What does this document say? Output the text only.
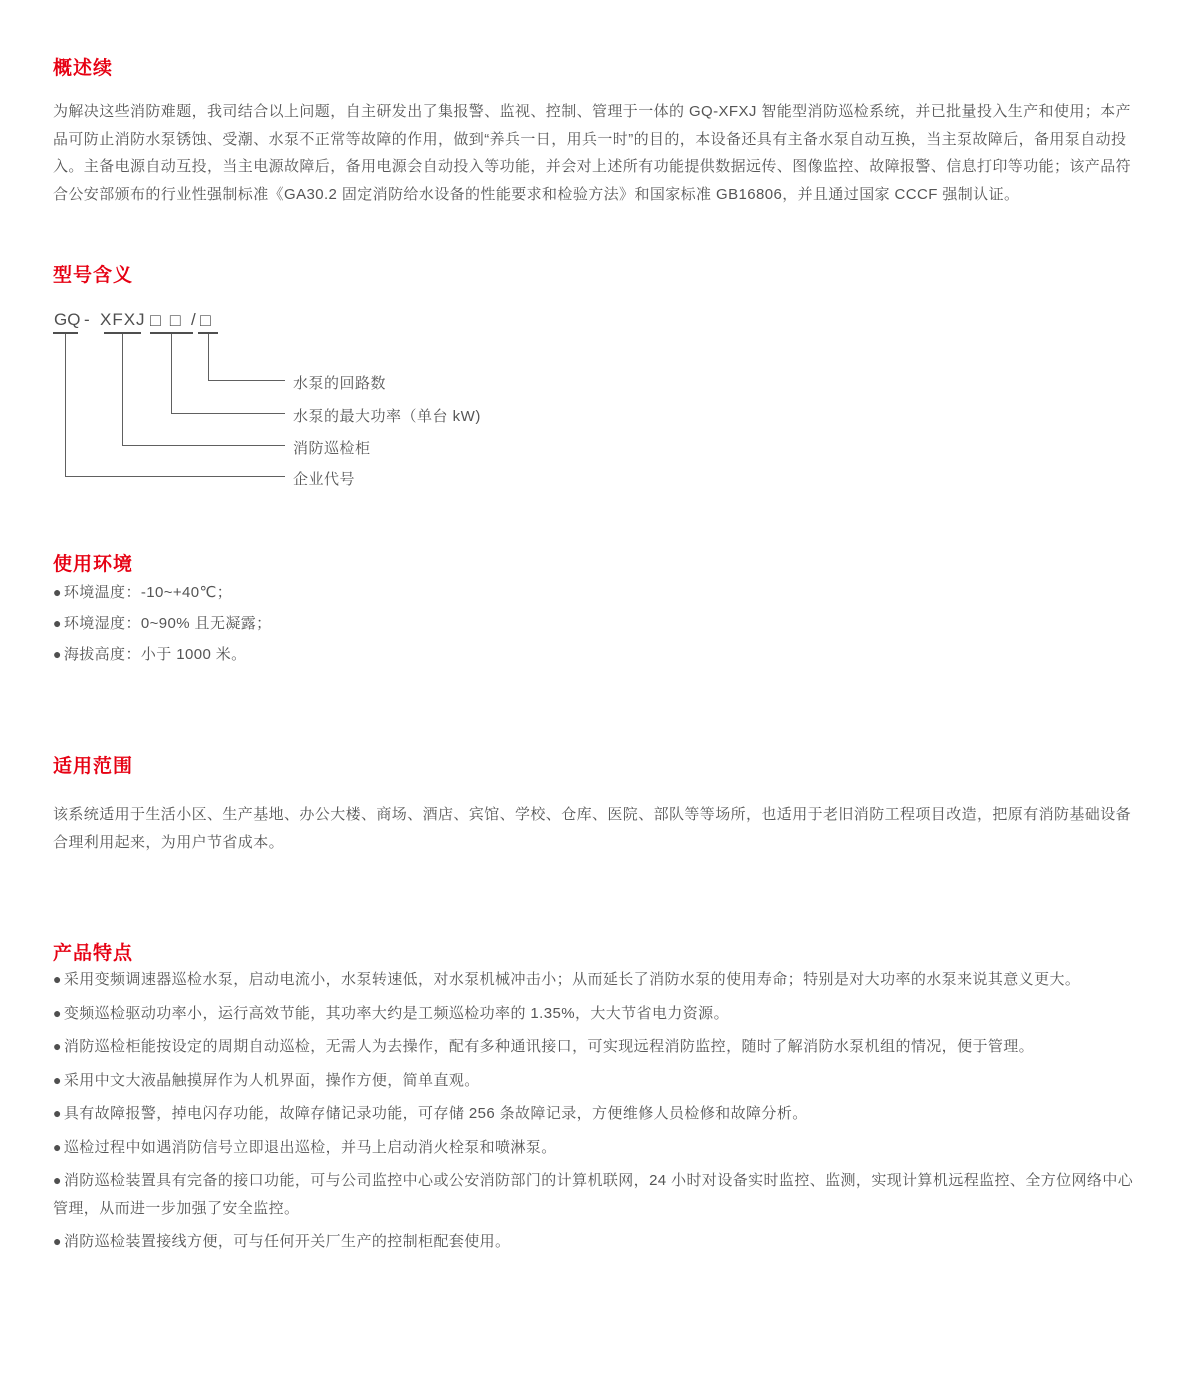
概述续

为解决这些消防难题，我司结合以上问题，自主研发出了集报警、监视、控制、管理于一体的 GQ-XFXJ 智能型消防巡检系统，并已批量投入生产和使用；本产品可防止消防水泵锈蚀、受潮、水泵不正常等故障的作用，做到“养兵一日，用兵一时”的目的，本设备还具有主备水泵自动互换，当主泵故障后，备用泵自动投入。主备电源自动互投，当主电源故障后，备用电源会自动投入等功能，并会对上述所有功能提供数据远传、图像监控、故障报警、信息打印等功能；该产品符合公安部颁布的行业性强制标准《GA30.2 固定消防给水设备的性能要求和检验方法》和国家标准 GB16806，并且通过国家 CCCF 强制认证。

型号含义
GQ - XFXJ □□ / □
水泵的回路数
水泵的最大功率（单台 kW)
消防巡检柜
企业代号
使用环境
● 环境温度：-10~+40℃；
● 环境湿度：0~90% 且无凝露；
● 海拔高度：小于 1000 米。
适用范围

该系统适用于生活小区、生产基地、办公大楼、商场、酒店、宾馆、学校、仓库、医院、部队等等场所，也适用于老旧消防工程项目改造，把原有消防基础设备合理利用起来，为用户节省成本。

产品特点
● 采用变频调速器巡检水泵，启动电流小，水泵转速低，对水泵机械冲击小；从而延长了消防水泵的使用寿命；特别是对大功率的水泵来说其意义更大。
● 变频巡检驱动功率小，运行高效节能，其功率大约是工频巡检功率的 1.35%，大大节省电力资源。
● 消防巡检柜能按设定的周期自动巡检，无需人为去操作，配有多种通讯接口，可实现远程消防监控，随时了解消防水泵机组的情况，便于管理。
● 采用中文大液晶触摸屏作为人机界面，操作方便，简单直观。
● 具有故障报警，掉电闪存功能，故障存储记录功能，可存储 256 条故障记录，方便维修人员检修和故障分析。
● 巡检过程中如遇消防信号立即退出巡检，并马上启动消火栓泵和喷淋泵。
● 消防巡检装置具有完备的接口功能，可与公司监控中心或公安消防部门的计算机联网，24 小时对设备实时监控、监测，实现计算机远程监控、全方位网络中心管理，从而进一步加强了安全监控。
● 消防巡检装置接线方便，可与任何开关厂生产的控制柜配套使用。
